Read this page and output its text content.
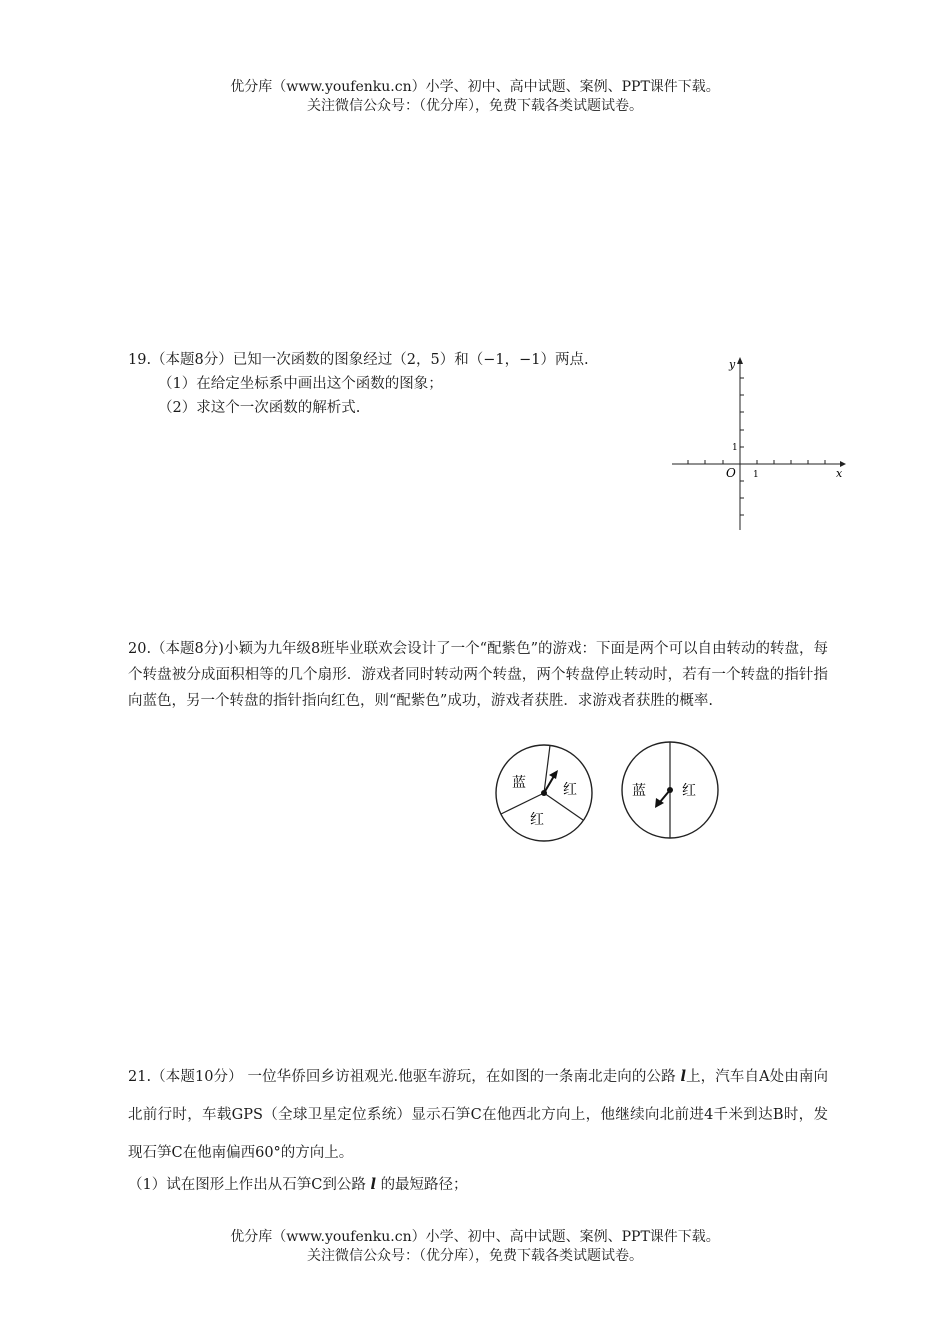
优分库（www.youfenku.cn）小学、初中、高中试题、案例、PPT课件下载。
关注微信公众号：（优分库），免费下载各类试题试卷。

19.（本题8分）已知一次函数的图象经过（2，5）和（−1，−1）两点.

（1）在给定坐标系中画出这个函数的图象；

（2）求这个一次函数的解析式.

y
x
O 1
1

20.（本题8分)小颖为九年级8班毕业联欢会设计了一个“配紫色”的游戏：下面是两个可以自由转动的转盘，每个转盘被分成面积相等的几个扇形．游戏者同时转动两个转盘，两个转盘停止转动时，若有一个转盘的指针指向蓝色，另一个转盘的指针指向红色，则“配紫色”成功，游戏者获胜．求游戏者获胜的概率.

蓝	红
红
蓝	红

21.（本题10分） 一位华侨回乡访祖观光.他驱车游玩，在如图的一条南北走向的公路 l上，汽车自A处由南向北前行时，车载GPS（全球卫星定位系统）显示石笋C在他西北方向上，他继续向北前进4千米到达B时，发现石笋C在他南偏西60°的方向上。

（1）试在图形上作出从石笋C到公路 l 的最短路径；

优分库（www.youfenku.cn）小学、初中、高中试题、案例、PPT课件下载。
关注微信公众号：（优分库），免费下载各类试题试卷。
